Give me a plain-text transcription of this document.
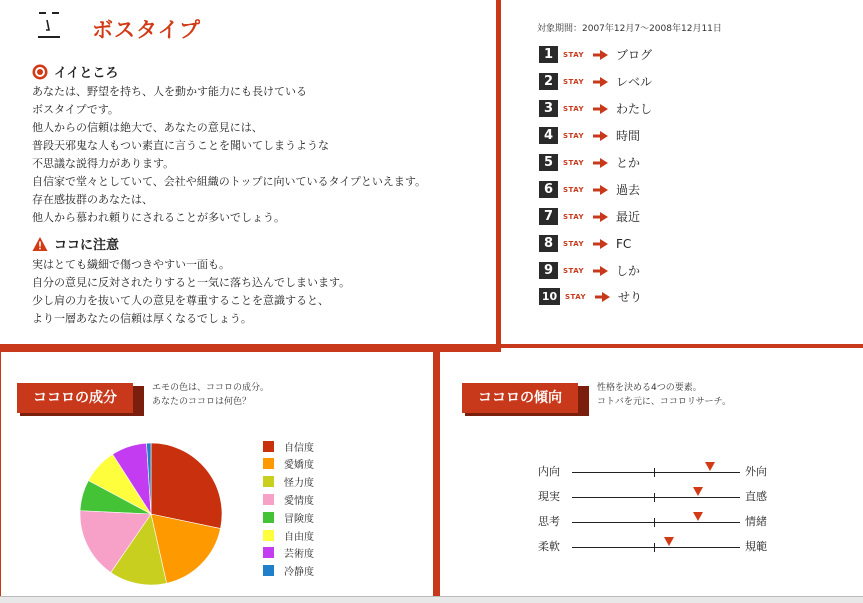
ボスタイプ
イイところ
あなたは、野望を持ち、人を動かす能力にも長けている
ボスタイプです。
他人からの信頼は絶大で、あなたの意見には、
普段天邪鬼な人もつい素直に言うことを聞いてしまうような
不思議な説得力があります。
自信家で堂々としていて、会社や組織のトップに向いているタイプといえます。
存在感抜群のあなたは、
他人から慕われ頼りにされることが多いでしょう。
ココに注意
実はとても繊細で傷つきやすい一面も。
自分の意見に反対されたりすると一気に落ち込んでしまいます。
少し肩の力を抜いて人の意見を尊重することを意識すると、
より一層あなたの信頼は厚くなるでしょう。
対象期間：2007年12月7～2008年12月11日
1	STAY	ブログ
2	STAY	レベル
3	STAY	わたし
4	STAY	時間
5	STAY	とか
6	STAY	過去
7	STAY	最近
8	STAY	FC
9	STAY	しか
10	STAY	せり
ココロの成分
エモの色は、ココロの成分。
あなたのココロは何色？
自信度
愛嬌度
怪力度
愛情度
冒険度
自由度
芸術度
冷静度
ココロの傾向
性格を決める4つの要素。
コトバを元に、ココロリサーチ。
内向	外向
現実	直感
思考	情緒
柔軟	規範
